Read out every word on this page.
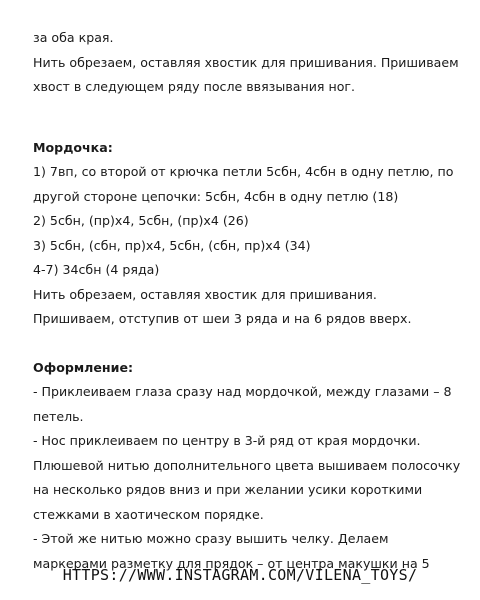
за оба края.
Нить обрезаем, оставляя хвостик для пришивания. Пришиваем
хвост в следующем ряду после ввязывания ног.
Мордочка:
1) 7вп, со второй от крючка петли 5сбн, 4сбн в одну петлю, по
другой стороне цепочки: 5сбн, 4сбн в одну петлю (18)
2) 5сбн, (пр)х4, 5сбн, (пр)х4 (26)
3) 5сбн, (сбн, пр)х4, 5сбн, (сбн, пр)х4 (34)
4-7) 34сбн (4 ряда)
Нить обрезаем, оставляя хвостик для пришивания.
Пришиваем, отступив от шеи 3 ряда и на 6 рядов вверх.
Оформление:
- Приклеиваем глаза сразу над мордочкой, между глазами – 8
петель.
- Нос приклеиваем по центру в 3-й ряд от края мордочки.
Плюшевой нитью дополнительного цвета вышиваем полосочку
на несколько рядов вниз и при желании усики короткими
стежками в хаотическом порядке.
- Этой же нитью можно сразу вышить челку. Делаем
маркерами разметку для прядок – от центра макушки на 5
HTTPS://WWW.INSTAGRAM.COM/VILENA_TOYS/
